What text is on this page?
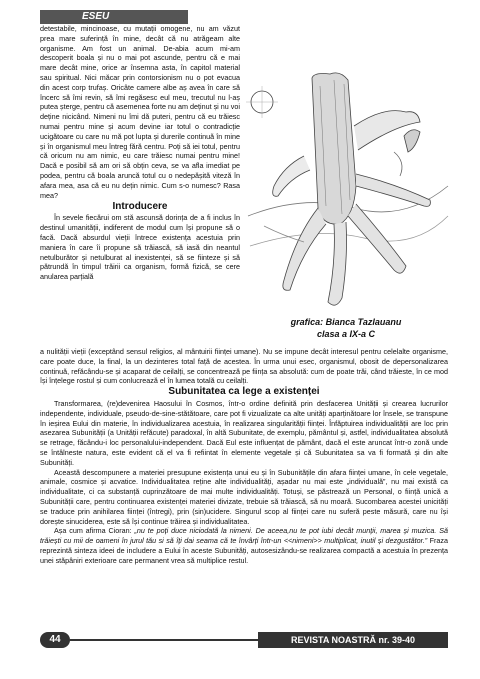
ESEU

detestabile, mincinoase, cu mutații omogene, nu am văzut prea mare suferință în mine, decât că nu atrăgeam alte organisme. Am fost un animal. De-abia acum mi-am descoperit boala și nu o mai pot ascunde, pentru că e mai mare decât mine, orice ar însemna asta, în capitol material sau spiritual. Nici măcar prin contorsionism nu o pot evacua din acest corp trufaș. Oricâte camere albe aș avea în care să încerc să îmi revin, să îmi regăsesc eul meu, trecutul nu l-aș putea șterge, pentru că asemenea forte nu am deținut și nu voi deține nicicând. Nimeni nu îmi dă puteri, pentru că eu trăiesc numai pentru mine și acum devine iar totul o contradicție ucigătoare cu care nu mă pot lupta și durerile continuă în mine și în organismul meu întreg fără centru. Poți să iei totul, pentru că oricum nu am nimic, eu care trăiesc numai pentru mine! Dacă e posibil să am ori să obțin ceva, se va afla imediat pe podea, pentru că boala aruncă totul cu o nedepășită viteză în afara mea, asa că eu nu dețin nimic. Cum s-o numesc? Rasa mea?

Introducere

În sevele fiecărui om stă ascunsă dorința de a fi inclus în destinul umanității, indiferent de modul cum își propune să o facă. Dacă absurdul vieții întrece existența acestuia prin maniera în care îi propune să trăiască, să iasă din neantul netulburător și netulburat al inexistenței, să se fiinteze și să pătrundă în timpul trăirii ca organism, formă fizică, se cere anularea parțială

grafica: Bianca Tazlauanu
clasa a IX-a C

a nulității vieții (exceptând sensul religios, al mântuirii ființei umane). Nu se impune decât interesul pentru celelalte organisme, care poate duce, la final, la un dezinteres total față de acestea. În urma unui esec, organismul, obosit de depersonalizarea continuă, refăcându-se și acaparat de ceilalți, se concentrează pe ființa sa absolută: cum de poate trăi, când trăieste, în ce mod își înțelege rostul și cum conlucrează el în lumea totală cu ceilalți.

Subunitatea ca lege a existenței

Transformarea, (re)devenirea Haosului în Cosmos, într-o ordine definită prin desfacerea Unității și crearea lucrurilor independente, individuale, pseudo-de-sine-stătătoare, care pot fi vizualizate ca alte unități aparținătoare lor însele, se transpune în ieșirea Eului din materie, în individualizarea acestuia, în realizarea singularității ființei. Înfăptuirea individualității are loc prin asezarea Subunității (a Unității refăcute) paradoxal, în altă Subunitate, de exemplu, pământul și, astfel, individualitatea absolută se retrage, făcându-i loc personalului-independent. Dacă Eul este influențat de pământ, dacă el este aruncat într-o zonă unde se întâlneste natura, este evident că el va fi refiintat în elemente vegetale și că Subunitatea sa va fi formată și din alte Subunități.

Această descompunere a materiei presupune existența unui eu și în Subunitățile din afara ființei umane, în cele vegetale, animale, cosmice și acvatice. Individualitatea reține alte individualități, așadar nu mai este „individuală”, nu mai există ca individualitate, ci ca substanță cuprinzătoare de mai multe individualități. Totuși, se păstrează un Personal, o ființă unică a Subunității care, pentru continuarea existenței materiei divizate, trebuie să trăiască, să nu moară. Sucombarea acestei unicități se traduce prin anihilarea ființei (întregi), prin (sin)ucidere. Singurul scop al ființei care nu suferă peste măsură, care nu își dorește sinuciderea, este să își continue trăirea și individualitatea.

Așa cum afirma Cioran: „nu te poți duce niciodată la nimeni. De aceea,nu te pot iubi decât munții, marea și muzica. Să trăiești cu mii de oameni în jurul tău si să îți dai seama că te învârți într-un <<nimeni>> multiplicat, inutil și dezgustător.” Fraza reprezintă sinteza ideei de includere a Eului în aceste Subunități, autosesizându-se realizarea compactă a acestuia în prezența unei stăpâniri exterioare care permanent vrea să multiplice restul.

44	REVISTA NOASTRĂ nr. 39-40
